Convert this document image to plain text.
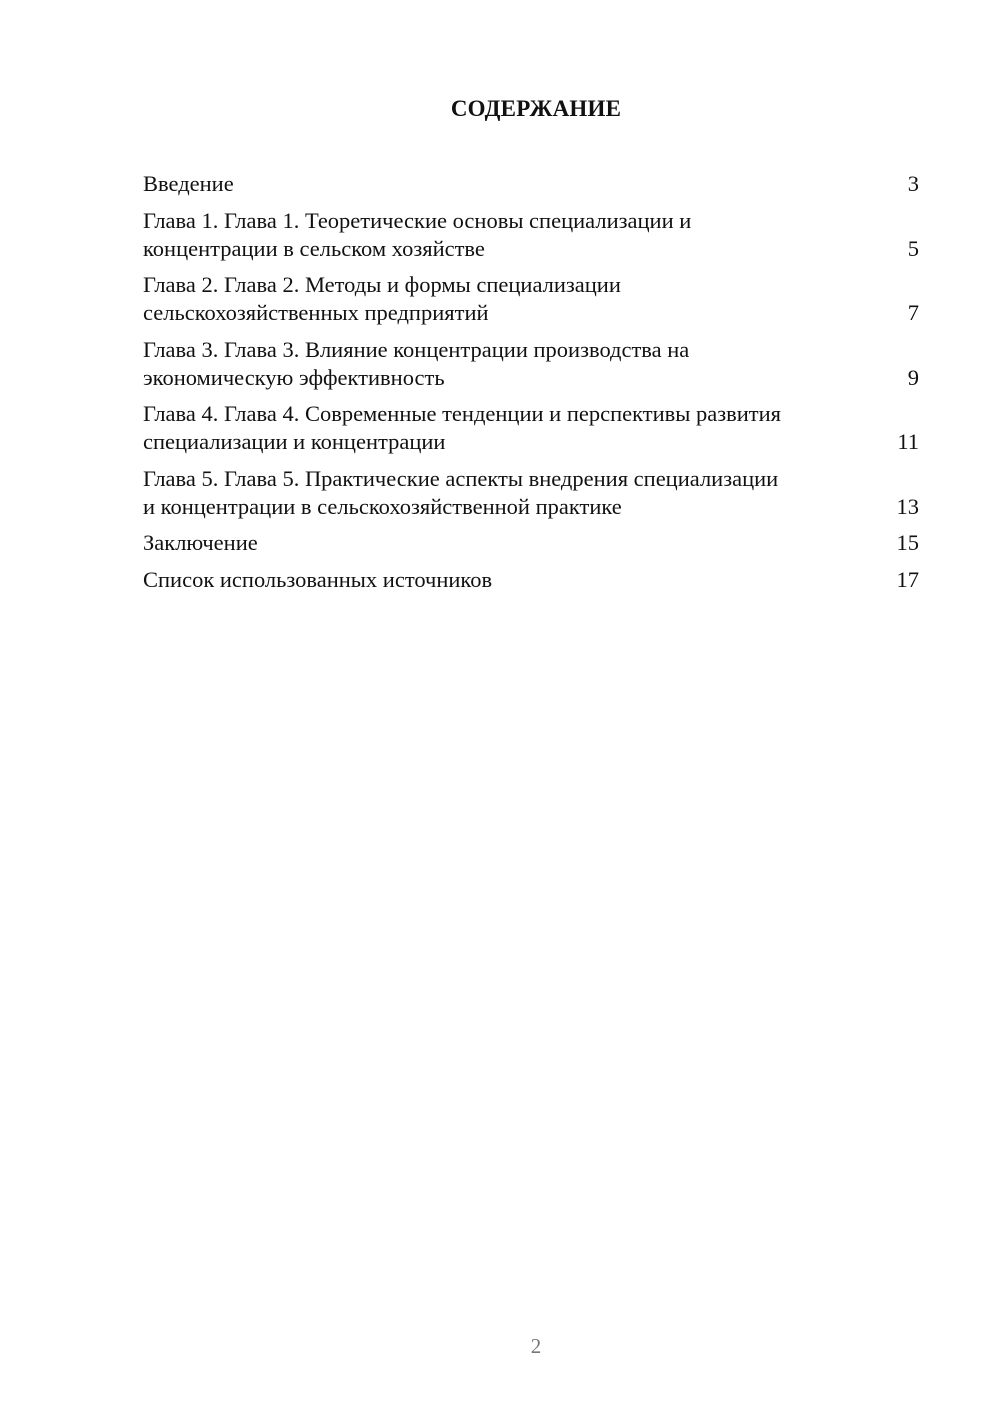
СОДЕРЖАНИЕ
Введение	3
Глава 1. Глава 1. Теоретические основы специализации и концентрации в сельском хозяйстве	5
Глава 2. Глава 2. Методы и формы специализации сельскохозяйственных предприятий	7
Глава 3. Глава 3. Влияние концентрации производства на экономическую эффективность	9
Глава 4. Глава 4. Современные тенденции и перспективы развития специализации и концентрации	11
Глава 5. Глава 5. Практические аспекты внедрения специализации и концентрации в сельскохозяйственной практике	13
Заключение	15
Список использованных источников	17
2
